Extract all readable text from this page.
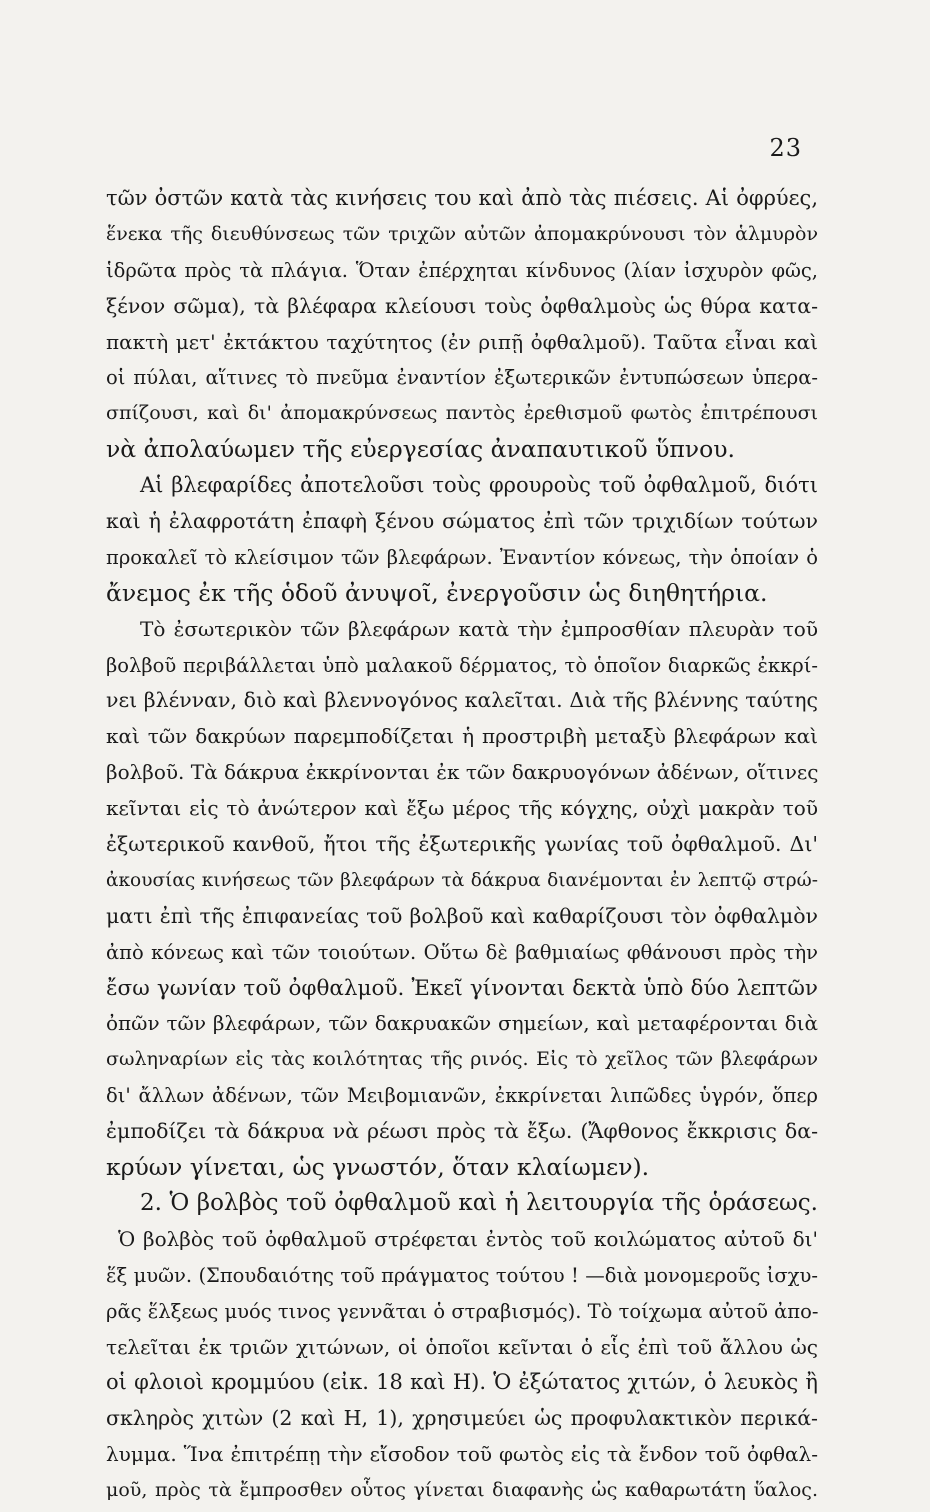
23
τῶν ὀστῶν κατὰ τὰς κινήσεις του καὶ ἀπὸ τὰς πιέσεις. Αἱ ὀφρύες,
ἕνεκα τῆς διευθύνσεως τῶν τριχῶν αὐτῶν ἀπομακρύνουσι τὸν ἁλμυρὸν
ἱδρῶτα πρὸς τὰ πλάγια. Ὅταν ἐπέρχηται κίνδυνος (λίαν ἰσχυρὸν φῶς,
ξένον σῶμα), τὰ βλέφαρα κλείουσι τοὺς ὀφθαλμοὺς ὡς θύρα κατα-
πακτὴ μετ' ἐκτάκτου ταχύτητος (ἐν ριπῇ ὀφθαλμοῦ). Ταῦτα εἶναι καὶ
οἱ πύλαι, αἵτινες τὸ πνεῦμα ἐναντίον ἐξωτερικῶν ἐντυπώσεων ὑπερα-
σπίζουσι, καὶ δι' ἀπομακρύνσεως παντὸς ἐρεθισμοῦ φωτὸς ἐπιτρέπουσι
νὰ ἀπολαύωμεν τῆς εὐεργεσίας ἀναπαυτικοῦ ὕπνου.
Αἱ βλεφαρίδες ἀποτελοῦσι τοὺς φρουροὺς τοῦ ὀφθαλμοῦ, διότι
καὶ ἡ ἐλαφροτάτη ἐπαφὴ ξένου σώματος ἐπὶ τῶν τριχιδίων τούτων
προκαλεῖ τὸ κλείσιμον τῶν βλεφάρων. Ἐναντίον κόνεως, τὴν ὁποίαν ὁ
ἄνεμος ἐκ τῆς ὁδοῦ ἀνυψοῖ, ἐνεργοῦσιν ὡς διηθητήρια.
Τὸ ἐσωτερικὸν τῶν βλεφάρων κατὰ τὴν ἐμπροσθίαν πλευρὰν τοῦ
βολβοῦ περιβάλλεται ὑπὸ μαλακοῦ δέρματος, τὸ ὁποῖον διαρκῶς ἐκκρί-
νει βλένναν, διὸ καὶ βλεννογόνος καλεῖται. Διὰ τῆς βλέννης ταύτης
καὶ τῶν δακρύων παρεμποδίζεται ἡ προστριβὴ μεταξὺ βλεφάρων καὶ
βολβοῦ. Τὰ δάκρυα ἐκκρίνονται ἐκ τῶν δακρυογόνων ἀδένων, οἵτινες
κεῖνται εἰς τὸ ἀνώτερον καὶ ἔξω μέρος τῆς κόγχης, οὐχὶ μακρὰν τοῦ
ἐξωτερικοῦ κανθοῦ, ἤτοι τῆς ἐξωτερικῆς γωνίας τοῦ ὀφθαλμοῦ. Δι'
ἀκουσίας κινήσεως τῶν βλεφάρων τὰ δάκρυα διανέμονται ἐν λεπτῷ στρώ-
ματι ἐπὶ τῆς ἐπιφανείας τοῦ βολβοῦ καὶ καθαρίζουσι τὸν ὀφθαλμὸν
ἀπὸ κόνεως καὶ τῶν τοιούτων. Οὕτω δὲ βαθμιαίως φθάνουσι πρὸς τὴν
ἔσω γωνίαν τοῦ ὀφθαλμοῦ. Ἐκεῖ γίνονται δεκτὰ ὑπὸ δύο λεπτῶν
ὀπῶν τῶν βλεφάρων, τῶν δακρυακῶν σημείων, καὶ μεταφέρονται διὰ
σωληναρίων εἰς τὰς κοιλότητας τῆς ρινός. Εἰς τὸ χεῖλος τῶν βλεφάρων
δι' ἄλλων ἀδένων, τῶν Μειβομιανῶν, ἐκκρίνεται λιπῶδες ὑγρόν, ὅπερ
ἐμποδίζει τὰ δάκρυα νὰ ρέωσι πρὸς τὰ ἔξω. (Ἄφθονος ἔκκρισις δα-
κρύων γίνεται, ὡς γνωστόν, ὅταν κλαίωμεν).
2. Ὁ βολβὸς τοῦ ὀφθαλμοῦ καὶ ἡ λειτουργία τῆς ὁράσεως.
Ὁ βολβὸς τοῦ ὀφθαλμοῦ στρέφεται ἐντὸς τοῦ κοιλώματος αὐτοῦ δι'
ἕξ μυῶν. (Σπουδαιότης τοῦ πράγματος τούτου ! —διὰ μονομεροῦς ἰσχυ-
ρᾶς ἕλξεως μυός τινος γεννᾶται ὁ στραβισμός). Τὸ τοίχωμα αὐτοῦ ἀπο-
τελεῖται ἐκ τριῶν χιτώνων, οἱ ὁποῖοι κεῖνται ὁ εἷς ἐπὶ τοῦ ἄλλου ὡς
οἱ φλοιοὶ κρομμύου (εἰκ. 18 καὶ Η). Ὁ ἐξώτατος χιτών, ὁ λευκὸς ἢ
σκληρὸς χιτὼν (2 καὶ Η, 1), χρησιμεύει ὡς προφυλακτικὸν περικά-
λυμμα. Ἵνα ἐπιτρέπῃ τὴν εἴσοδον τοῦ φωτὸς εἰς τὰ ἔνδον τοῦ ὀφθαλ-
μοῦ, πρὸς τὰ ἔμπροσθεν οὗτος γίνεται διαφανὴς ὡς καθαρωτάτη ὕαλος.
